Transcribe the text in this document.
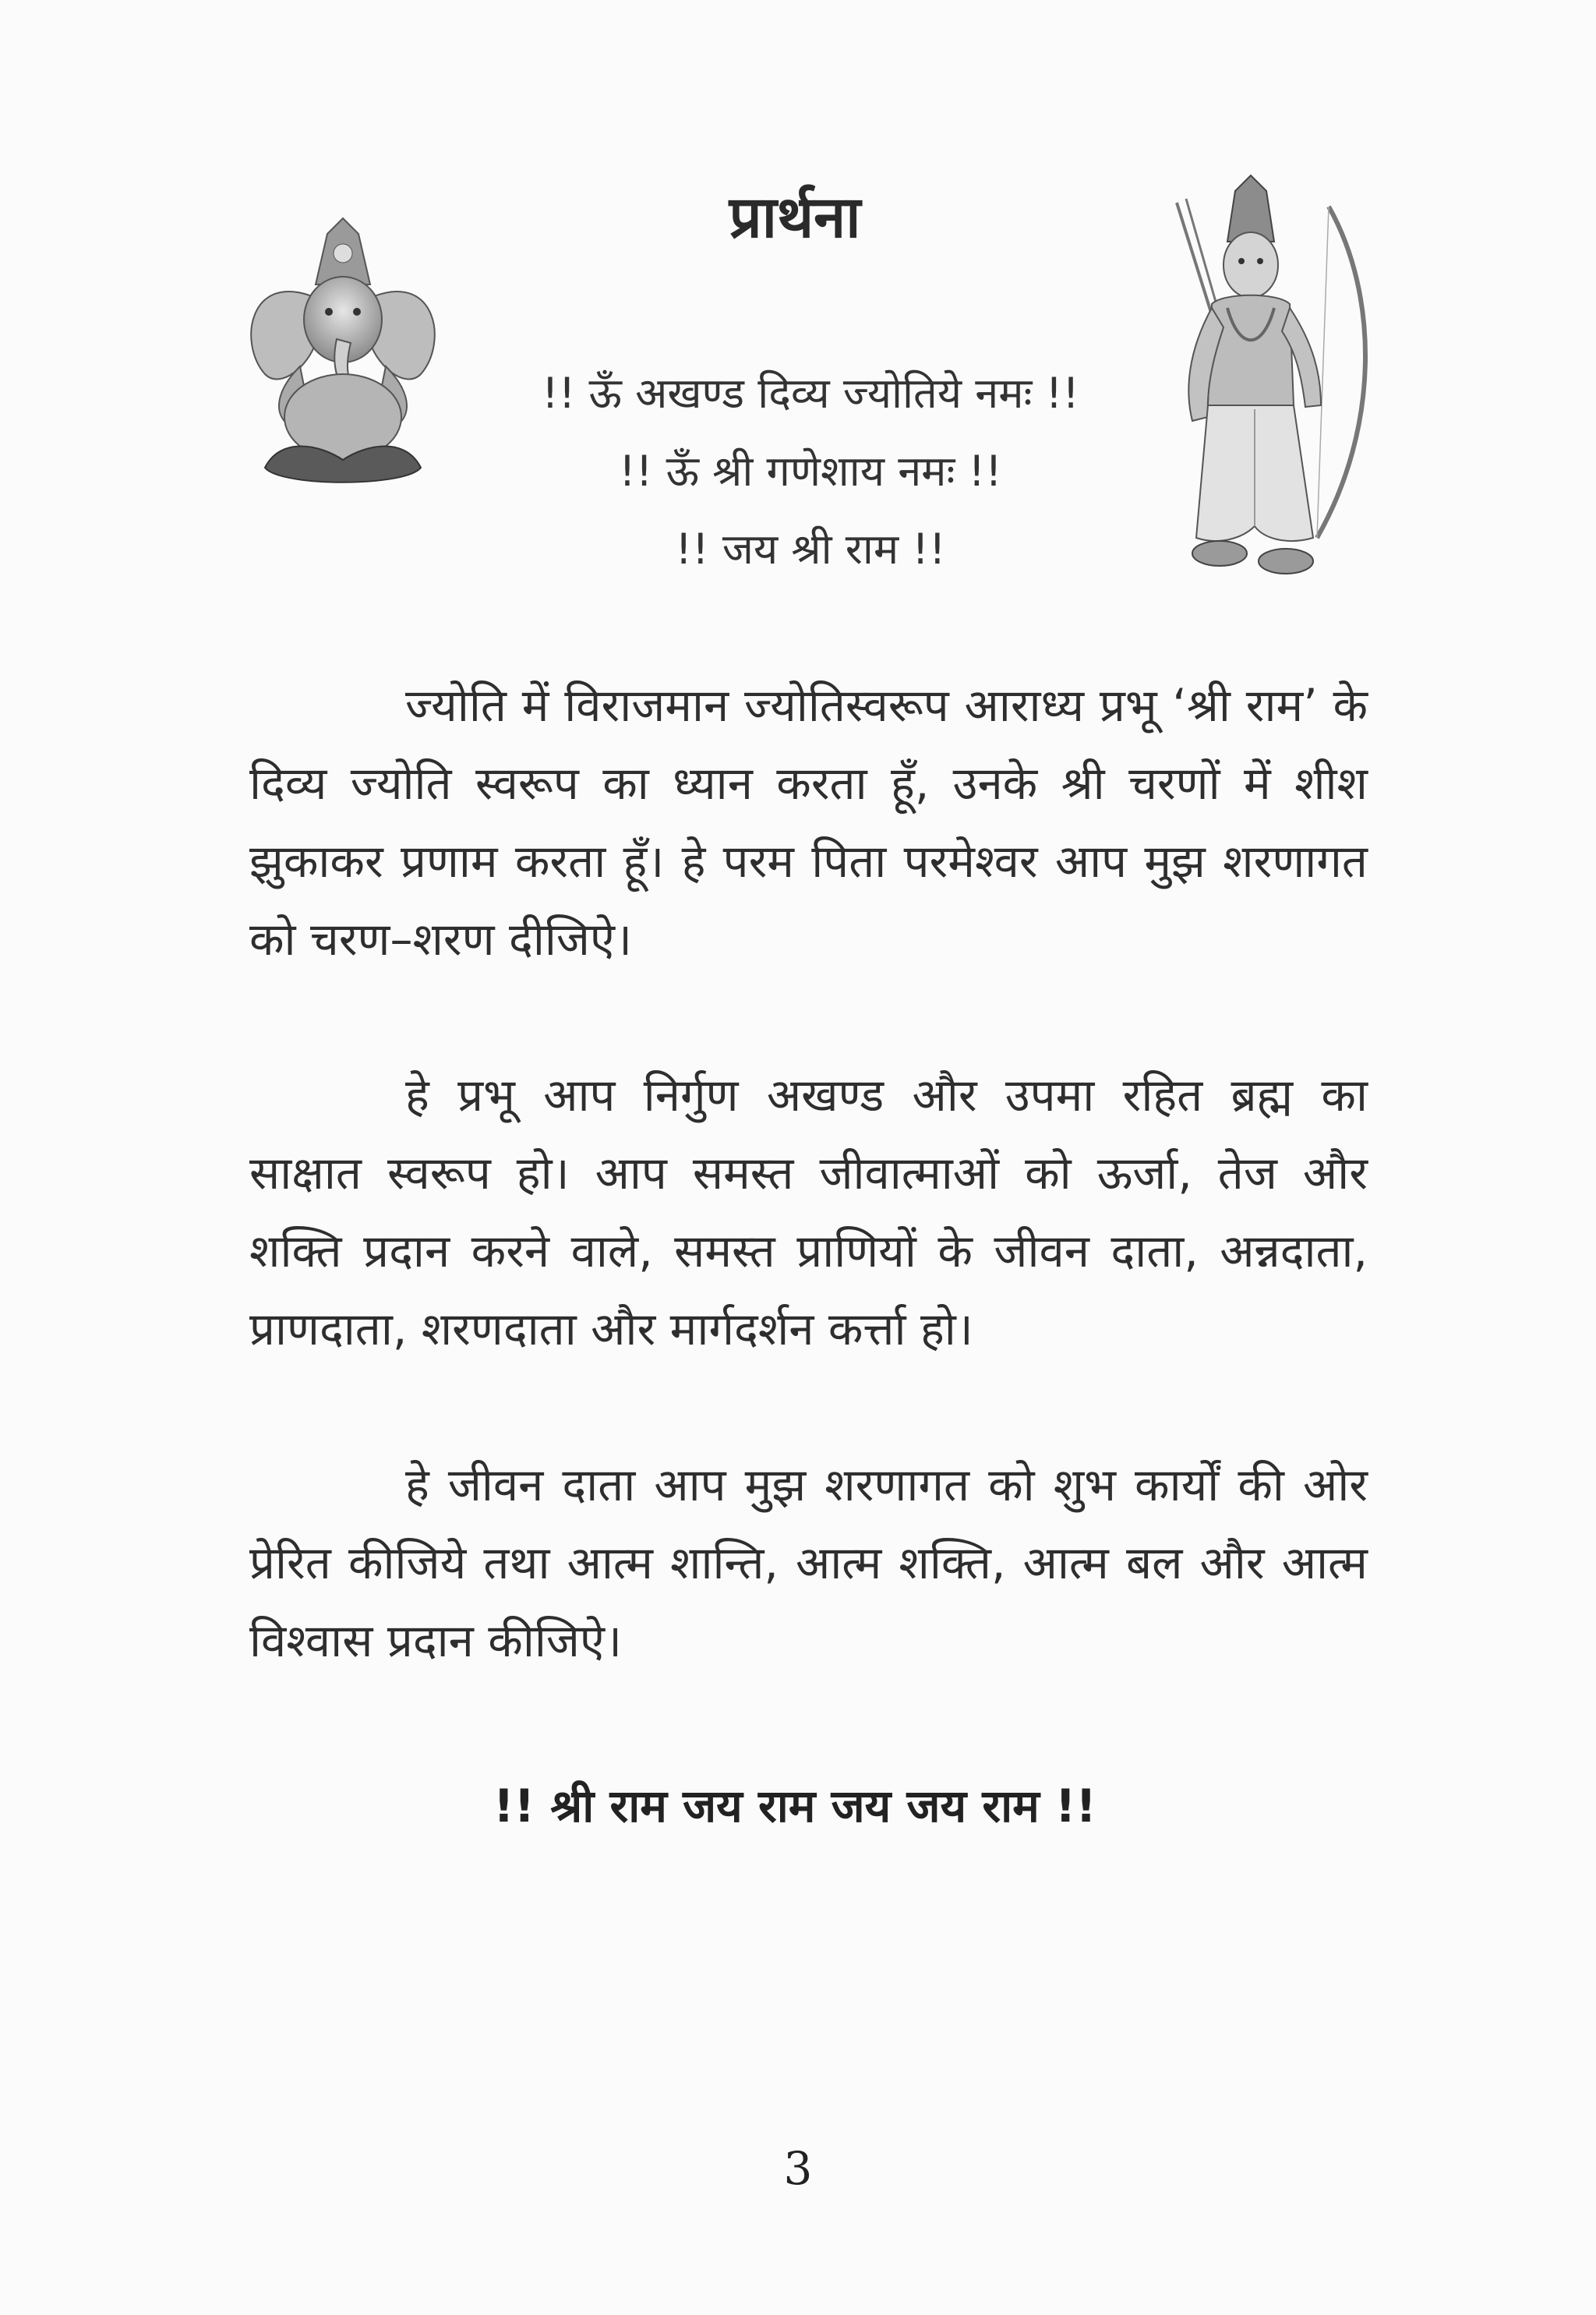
प्रार्थना
!! ऊँ अखण्ड दिव्य ज्योतिये नमः !!
!! ऊँ श्री गणेशाय नमः !!
!! जय श्री राम !!
ज्योति में विराजमान ज्योतिस्वरूप आराध्य प्रभू ‘श्री राम’ के दिव्य ज्योति स्वरूप का ध्यान करता हूँ, उनके श्री चरणों में शीश झुकाकर प्रणाम करता हूँ। हे परम पिता परमेश्वर आप मुझ शरणागत को चरण–शरण दीजिऐ।
हे प्रभू आप निर्गुण अखण्ड और उपमा रहित ब्रह्म का साक्षात स्वरूप हो। आप समस्त जीवात्माओं को ऊर्जा, तेज और शक्ति प्रदान करने वाले, समस्त प्राणियों के जीवन दाता, अन्नदाता, प्राणदाता, शरणदाता और मार्गदर्शन कर्त्ता हो।
हे जीवन दाता आप मुझ शरणागत को शुभ कार्यों की ओर प्रेरित कीजिये तथा आत्म शान्ति, आत्म शक्ति, आत्म बल और आत्म विश्वास प्रदान कीजिऐ।
!! श्री राम जय राम जय जय राम !!
3
